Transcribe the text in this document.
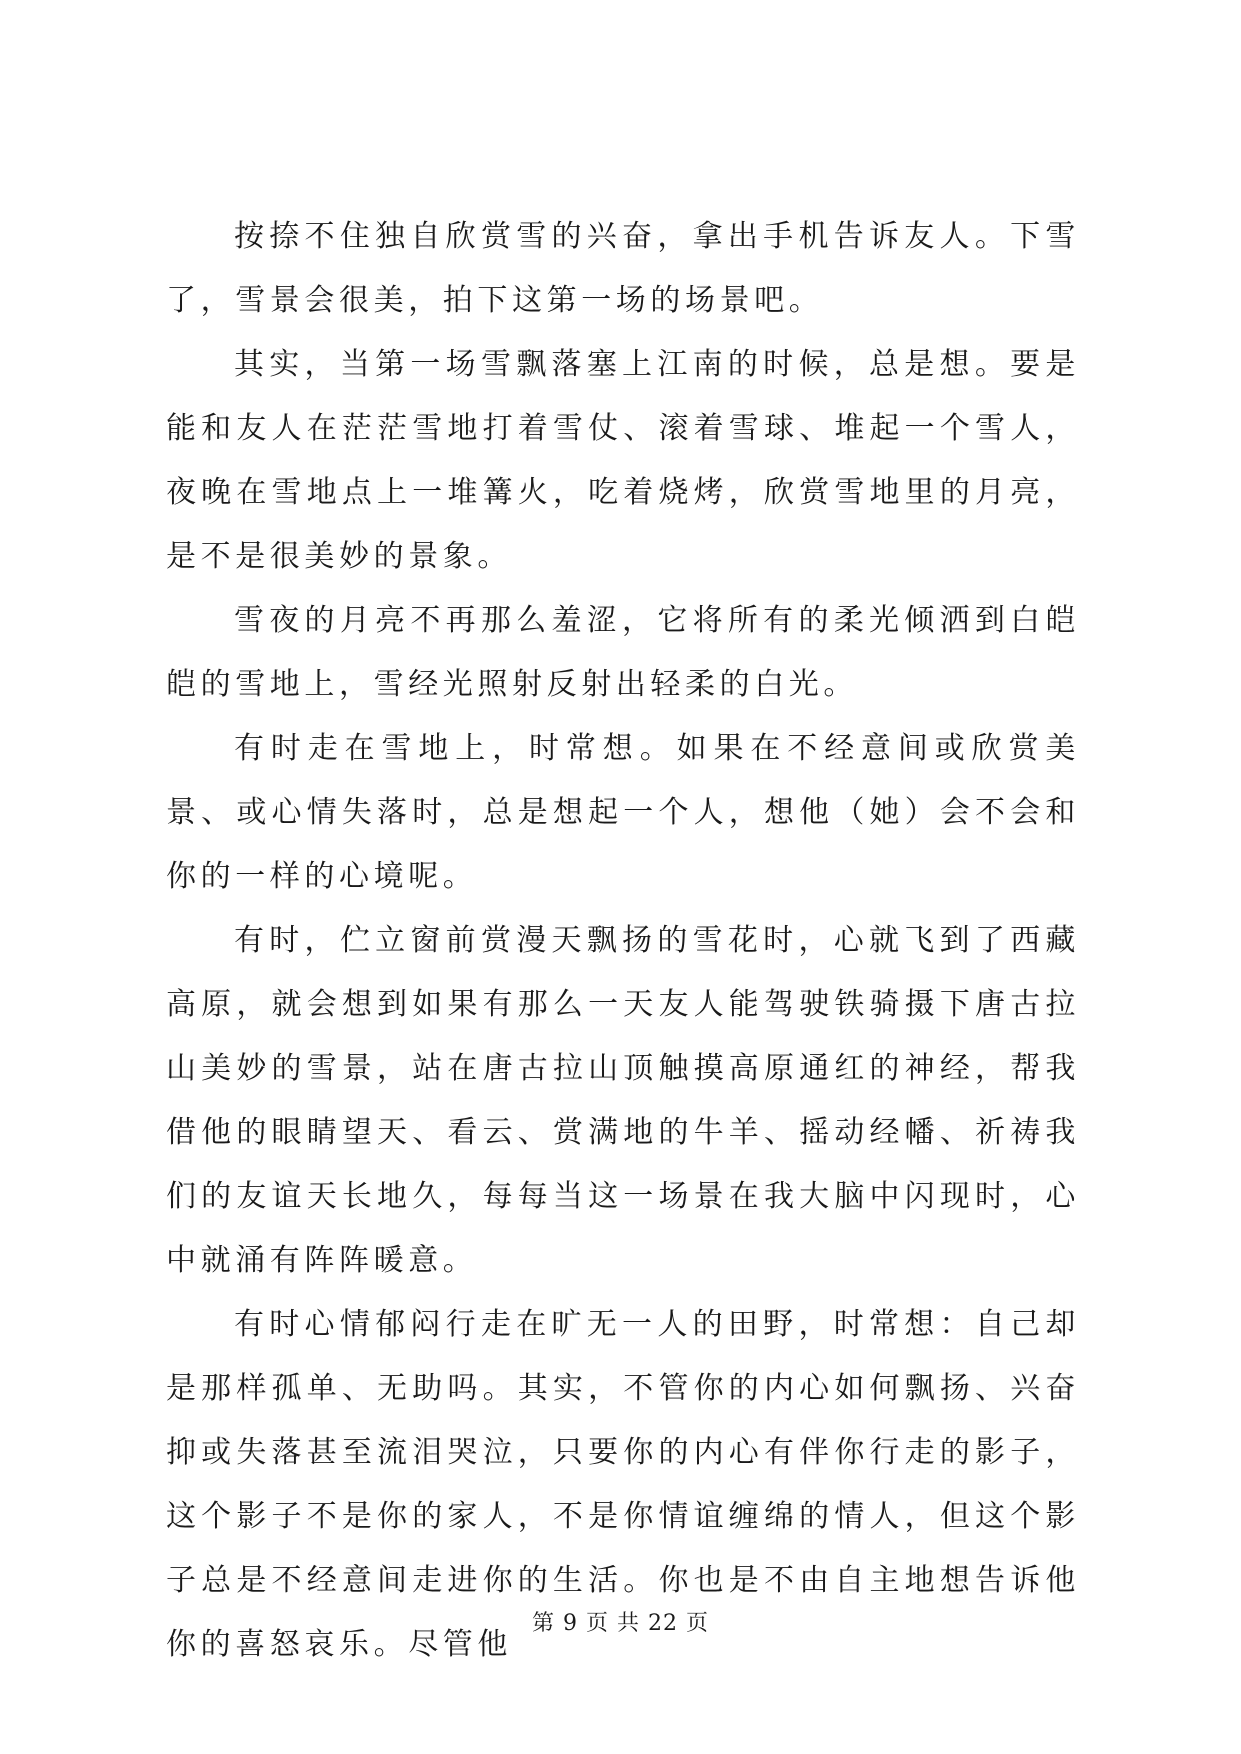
按捺不住独自欣赏雪的兴奋，拿出手机告诉友人。下雪了，雪景会很美，拍下这第一场的场景吧。

其实，当第一场雪飘落塞上江南的时候，总是想。要是能和友人在茫茫雪地打着雪仗、滚着雪球、堆起一个雪人，夜晚在雪地点上一堆篝火，吃着烧烤，欣赏雪地里的月亮，是不是很美妙的景象。

雪夜的月亮不再那么羞涩，它将所有的柔光倾洒到白皑皑的雪地上，雪经光照射反射出轻柔的白光。

有时走在雪地上，时常想。如果在不经意间或欣赏美景、或心情失落时，总是想起一个人，想他（她）会不会和你的一样的心境呢。

有时，伫立窗前赏漫天飘扬的雪花时，心就飞到了西藏高原，就会想到如果有那么一天友人能驾驶铁骑摄下唐古拉山美妙的雪景，站在唐古拉山顶触摸高原通红的神经，帮我借他的眼睛望天、看云、赏满地的牛羊、摇动经幡、祈祷我们的友谊天长地久，每每当这一场景在我大脑中闪现时，心中就涌有阵阵暖意。

有时心情郁闷行走在旷无一人的田野，时常想：自己却是那样孤单、无助吗。其实，不管你的内心如何飘扬、兴奋抑或失落甚至流泪哭泣，只要你的内心有伴你行走的影子，这个影子不是你的家人，不是你情谊缠绵的情人，但这个影子总是不经意间走进你的生活。你也是不由自主地想告诉他你的喜怒哀乐。尽管他

第 9 页 共 22 页
